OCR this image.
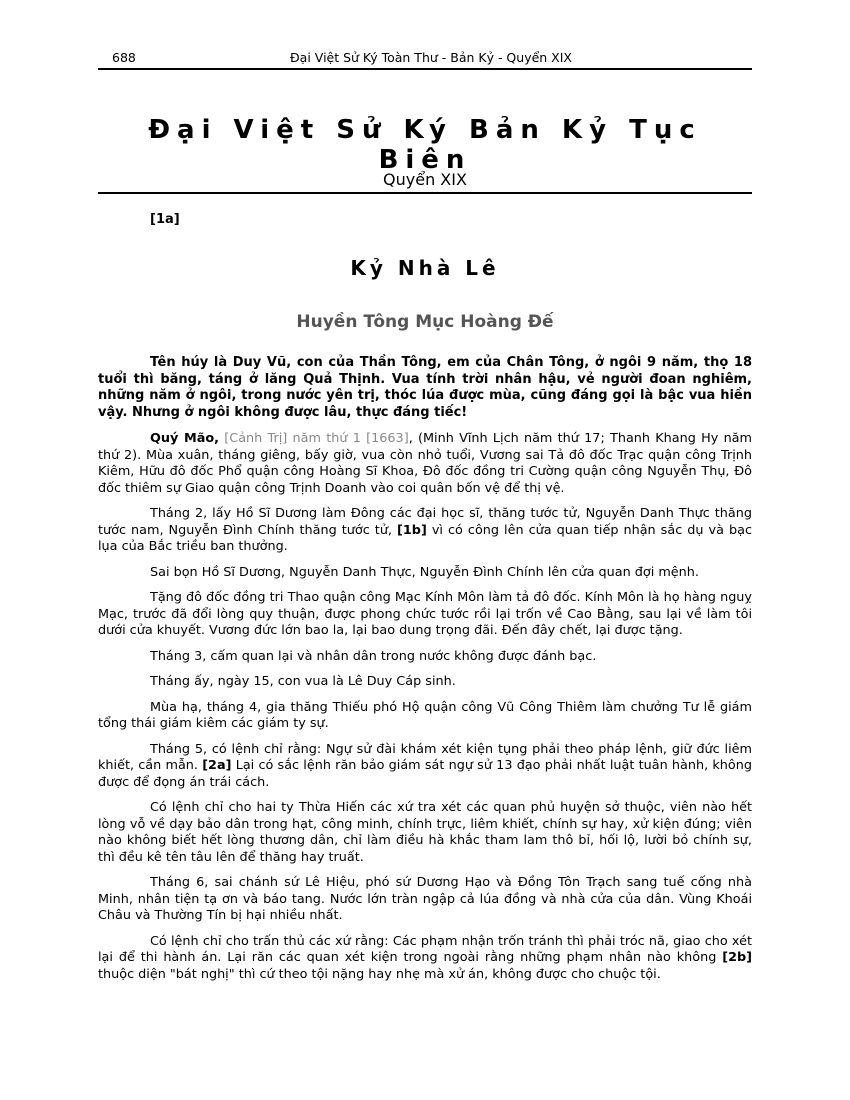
688	Đại Việt Sử Ký Toàn Thư - Bản Kỷ - Quyển XIX
Đại Việt Sử Ký Bản Kỷ Tục Biên
Quyển XIX
[1a]
Kỷ Nhà Lê
Huyền Tông Mục Hoàng Đế

Tên húy là Duy Vũ, con của Thần Tông, em của Chân Tông, ở ngôi 9 năm, thọ 18 tuổi thì băng, táng ở lăng Quả Thịnh. Vua tính trời nhân hậu, vẻ người đoan nghiêm, những năm ở ngôi, trong nước yên trị, thóc lúa được mùa, cũng đáng gọi là bậc vua hiền vậy. Nhưng ở ngôi không được lâu, thực đáng tiếc!

Quý Mão, [Cảnh Trị] năm thứ 1 [1663], (Minh Vĩnh Lịch năm thứ 17; Thanh Khang Hy năm thứ 2). Mùa xuân, tháng giêng, bấy giờ, vua còn nhỏ tuổi, Vương sai Tả đô đốc Trạc quận công Trịnh Kiêm, Hữu đô đốc Phổ quận công Hoàng Sĩ Khoa, Đô đốc đồng tri Cường quận công Nguyễn Thụ, Đô đốc thiêm sự Giao quận công Trịnh Doanh vào coi quân bốn vệ để thị vệ.

Tháng 2, lấy Hồ Sĩ Dương làm Đông các đại học sĩ, thăng tước tử, Nguyễn Danh Thực thăng tước nam, Nguyễn Đình Chính thăng tước tử, [1b] vì có công lên cửa quan tiếp nhận sắc dụ và bạc lụa của Bắc triều ban thưởng.

Sai bọn Hồ Sĩ Dương, Nguyễn Danh Thực, Nguyễn Đình Chính lên cửa quan đợi mệnh.

Tặng đô đốc đồng tri Thao quận công Mạc Kính Môn làm tả đô đốc. Kính Môn là họ hàng nguỵ Mạc, trước đã đổi lòng quy thuận, được phong chức tước rồi lại trốn về Cao Bằng, sau lại về làm tôi dưới cửa khuyết. Vương đức lớn bao la, lại bao dung trọng đãi. Đến đây chết, lại được tặng.

Tháng 3, cấm quan lại và nhân dân trong nước không được đánh bạc.

Tháng ấy, ngày 15, con vua là Lê Duy Cáp sinh.

Mùa hạ, tháng 4, gia thăng Thiếu phó Hộ quận công Vũ Công Thiêm làm chưởng Tư lễ giám tổng thái giám kiêm các giám ty sự.

Tháng 5, có lệnh chỉ rằng: Ngự sử đài khám xét kiện tụng phải theo pháp lệnh, giữ đức liêm khiết, cần mẫn. [2a] Lại có sắc lệnh răn bảo giám sát ngự sử 13 đạo phải nhất luật tuân hành, không được để đọng án trái cách.

Có lệnh chỉ cho hai ty Thừa Hiến các xứ tra xét các quan phủ huyện sở thuộc, viên nào hết lòng vỗ về dạy bảo dân trong hạt, công minh, chính trực, liêm khiết, chính sự hay, xử kiện đúng; viên nào không biết hết lòng thương dân, chỉ làm điều hà khắc tham lam thô bỉ, hối lộ, lười bỏ chính sự, thì đều kê tên tâu lên để thăng hay truất.

Tháng 6, sai chánh sứ Lê Hiệu, phó sứ Dương Hạo và Đồng Tôn Trạch sang tuế cống nhà Minh, nhân tiện tạ ơn và báo tang. Nước lớn tràn ngập cả lúa đồng và nhà cửa của dân. Vùng Khoái Châu và Thường Tín bị hại nhiều nhất.

Có lệnh chỉ cho trấn thủ các xứ rằng: Các phạm nhận trốn tránh thì phải tróc nã, giao cho xét lại để thi hành án. Lại răn các quan xét kiện trong ngoài rằng những phạm nhân nào không [2b] thuộc diện "bát nghị" thì cứ theo tội nặng hay nhẹ mà xử án, không được cho chuộc tội.
